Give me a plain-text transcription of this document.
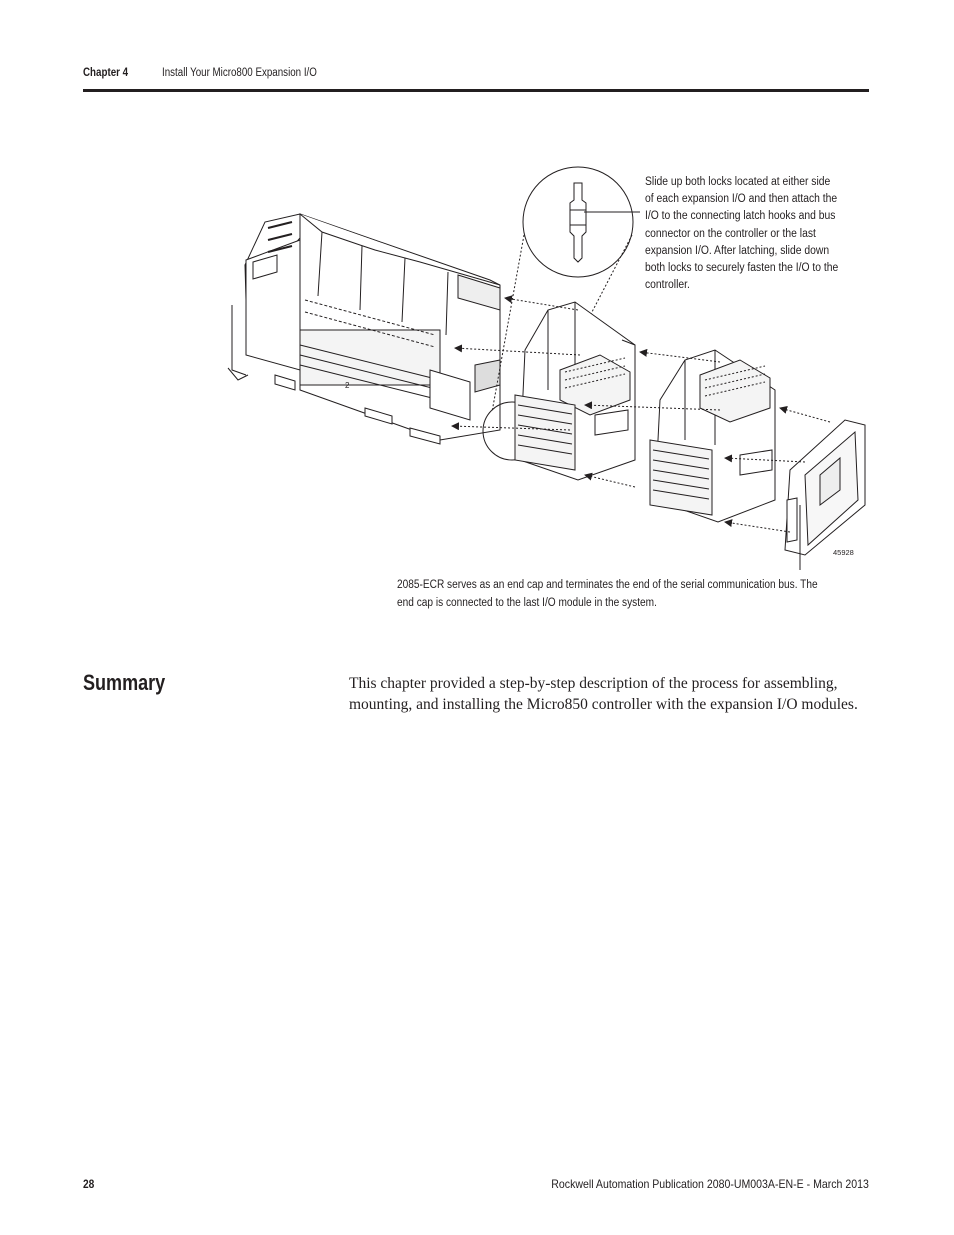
Chapter 4	Install Your Micro800 Expansion I/O
2
Slide up both locks located at either side of each expansion I/O and then attach the I/O to the connecting latch hooks and bus connector on the controller or the last expansion I/O. After latching, slide down both locks to securely fasten the I/O to the controller.
45928
2085-ECR serves as an end cap and terminates the end of the serial communication bus. The end cap is connected to the last I/O module in the system.
Summary	This chapter provided a step-by-step description of the process for assembling, mounting, and installing the Micro850 controller with the expansion I/O modules.
28	Rockwell Automation Publication 2080-UM003A-EN-E - March 2013
